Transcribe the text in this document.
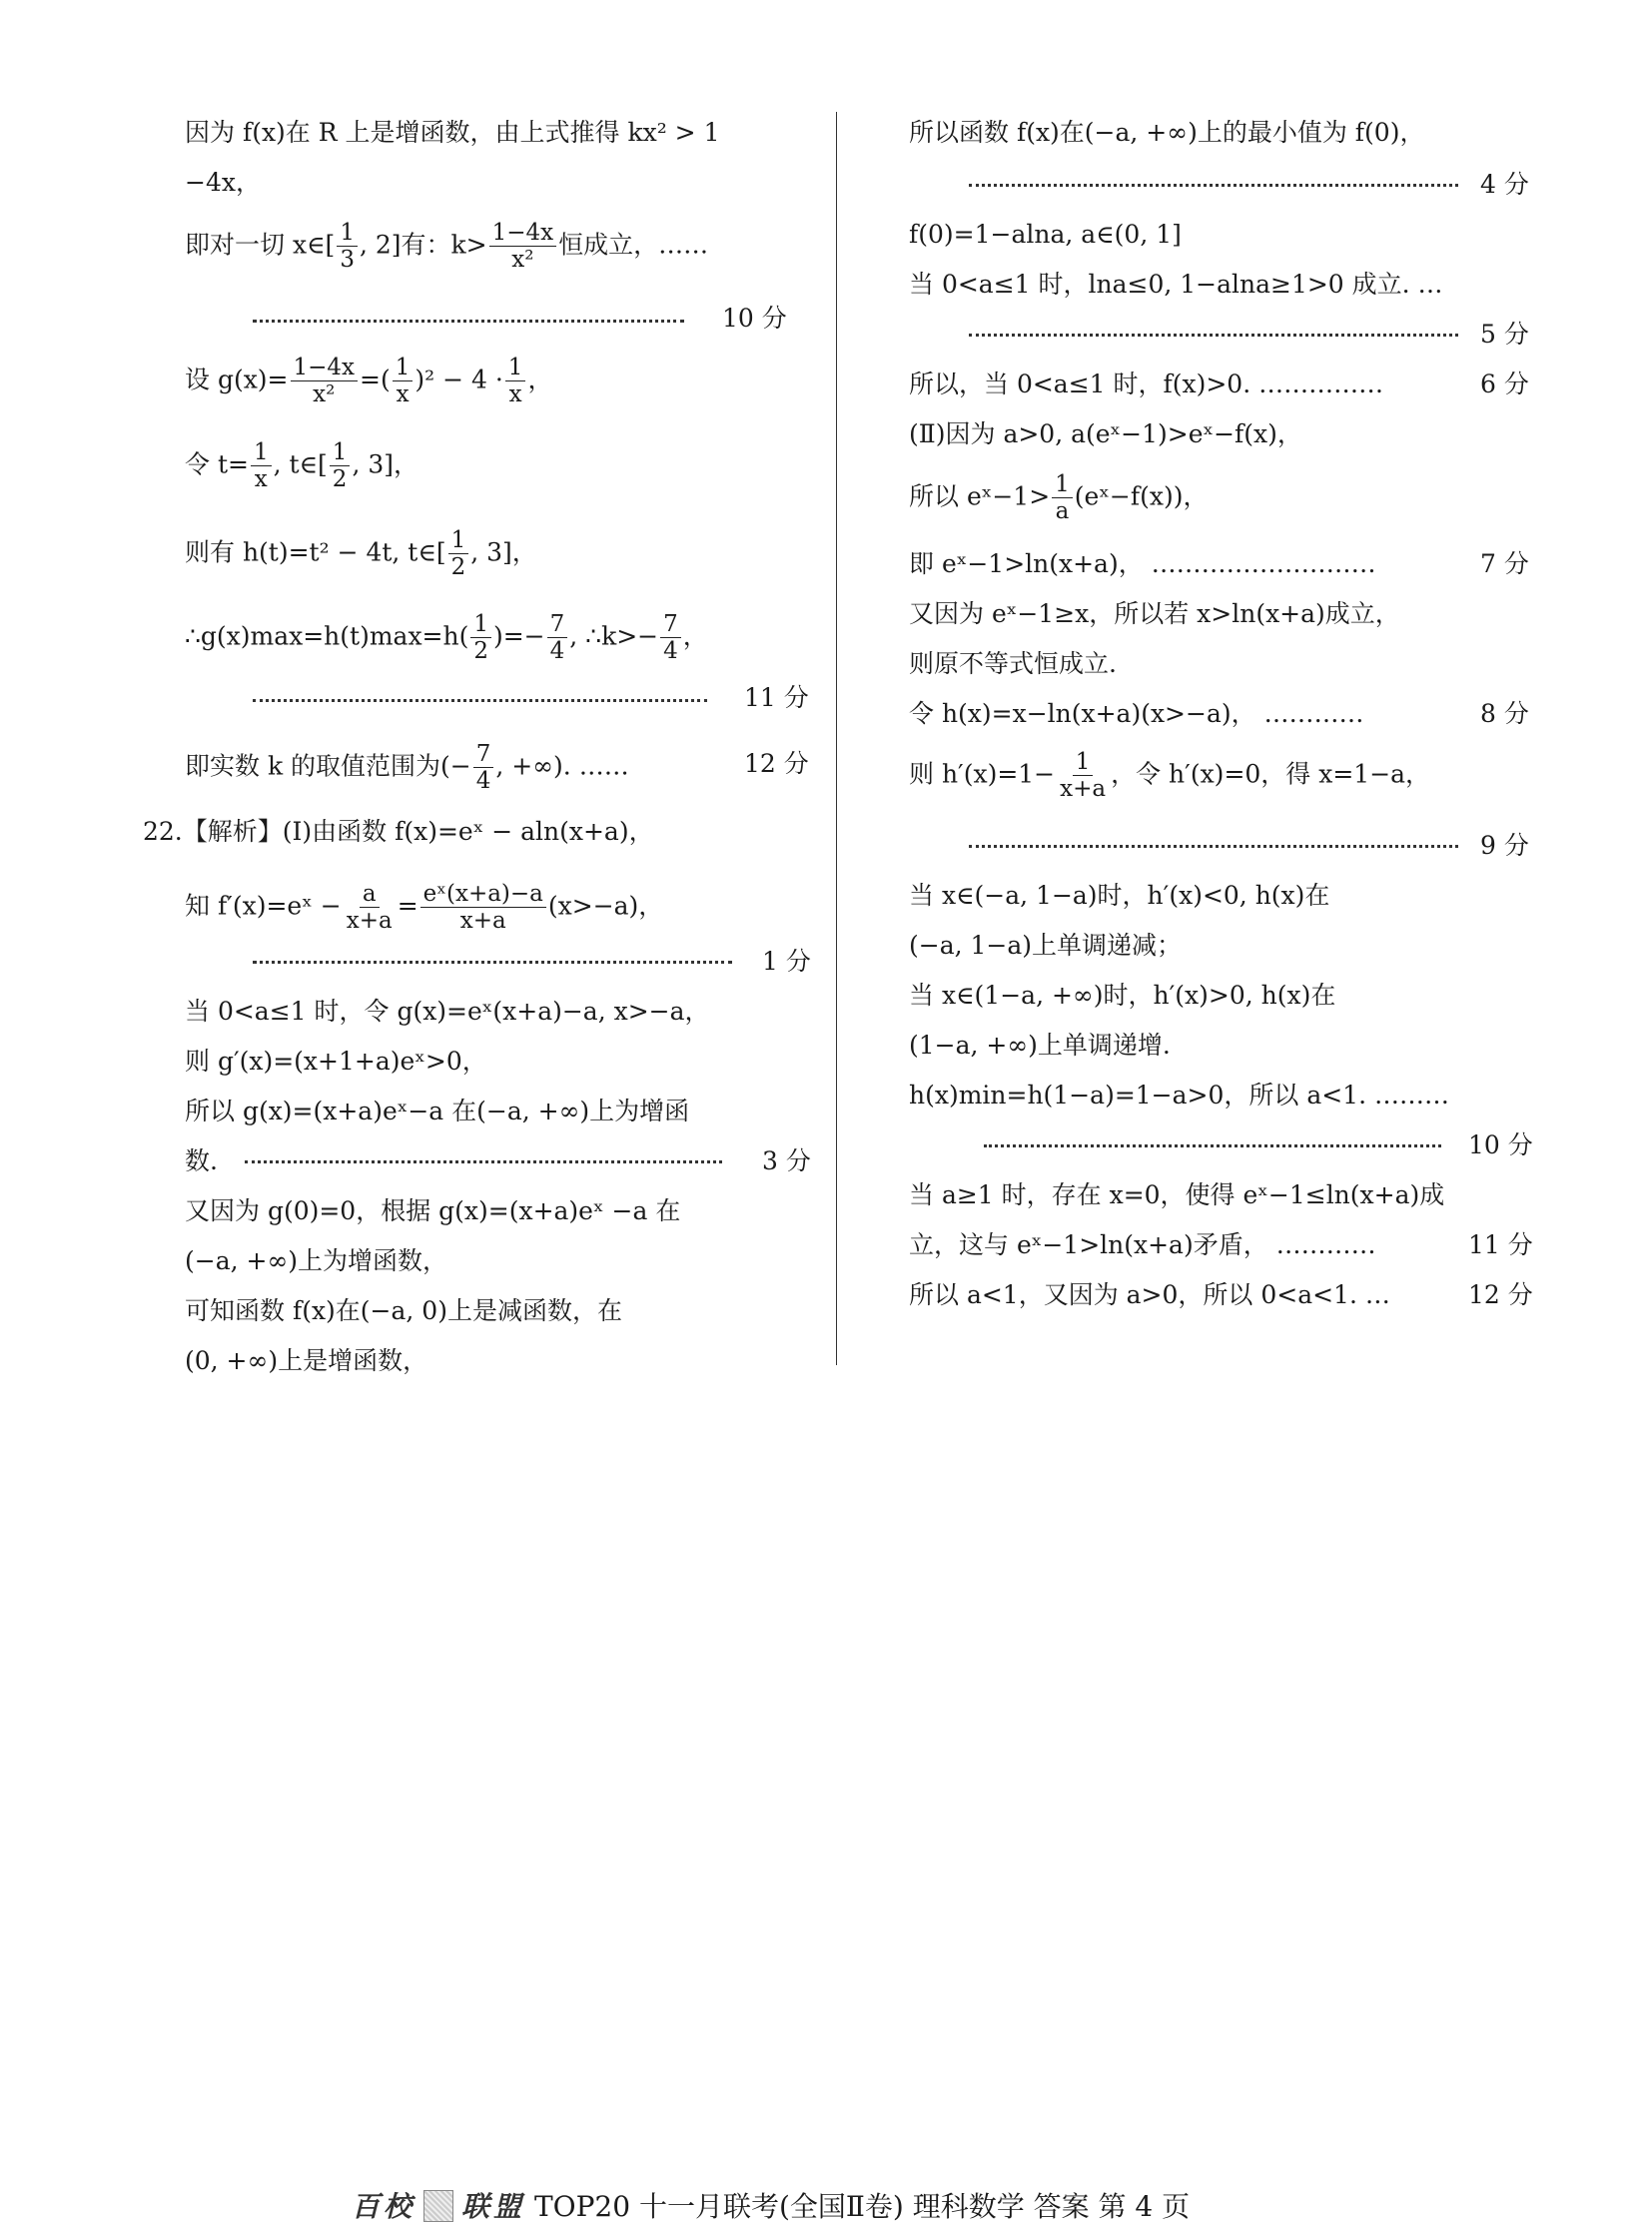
因为 f(x)在 R 上是增函数，由上式推得 kx² > 1
−4x，
即对一切 x∈[ $\frac{1}{3}$ , 2]有：$k> \frac{1-4x}{\text{x²}}$ 恒成立，……
10 分
设 $g(x)= \frac{1-4x}{\text{x²}}$ =( $\frac{1}{x} )^2 - 4 \cdot \frac{1}{x}$ ，
令 $t= \frac{1}{x}$ , t∈[ $\frac{1}{2}$ , 3]，
则有 h(t)=t² − 4t, t∈[ $\frac{1}{2}$ , 3]，
∴g(x)max=h(t)max=h( $\frac{1}{2}$ )=− $\frac{7}{4}$ , ∴k>− $\frac{7}{4}$ ，
11 分
即实数 k 的取值范围为(− $\frac{7}{4}$ , +∞). ……	12 分
22.【解析】(Ⅰ)由函数 f(x)=eˣ − aln(x+a)，
知 f′(x)=eˣ − $\frac{a}{x+a} = \frac{\text{eˣ(x+a)−a}}{x+a} (x>-a)$，
1 分
当 0<a≤1 时，令 g(x)=eˣ(x+a)−a, x>−a，
则 g′(x)=(x+1+a)eˣ>0，
所以 g(x)=(x+a)eˣ−a 在(−a, +∞)上为增函
数.	3 分
又因为 g(0)=0，根据 g(x)=(x+a)eˣ −a 在
(−a, +∞)上为增函数，
可知函数 f(x)在(−a, 0)上是减函数，在
(0, +∞)上是增函数，
所以函数 f(x)在(−a, +∞)上的最小值为 f(0)，
4 分
f(0)=1−alna, a∈(0, 1]
当 0<a≤1 时，lna≤0, 1−alna≥1>0 成立. …
5 分
所以，当 0<a≤1 时，f(x)>0. ……………	6 分
(Ⅱ)因为 a>0, a(eˣ−1)>eˣ−f(x)，
所以 eˣ−1> $\frac{1}{a}$ (eˣ−f(x))，
即 eˣ−1>ln(x+a)， ………………………	7 分
又因为 eˣ−1≥x，所以若 x>ln(x+a)成立，
则原不等式恒成立.
令 h(x)=x−ln(x+a)(x>−a)， …………	8 分
则 $h'(x)=1- \frac{1}{x+a}$ ，令 h′(x)=0，得 x=1−a，
9 分
当 x∈(−a, 1−a)时，h′(x)<0, h(x)在
(−a, 1−a)上单调递减；
当 x∈(1−a, +∞)时，h′(x)>0, h(x)在
(1−a, +∞)上单调递增.
h(x)min=h(1−a)=1−a>0，所以 a<1. ………
10 分
当 a≥1 时，存在 x=0，使得 eˣ−1≤ln(x+a)成
立，这与 eˣ−1>ln(x+a)矛盾， …………	11 分
所以 a<1，又因为 a>0，所以 0<a<1. …	12 分
百校 联盟 TOP20 十一月联考(全国Ⅱ卷) 理科数学 答案 第 4 页
